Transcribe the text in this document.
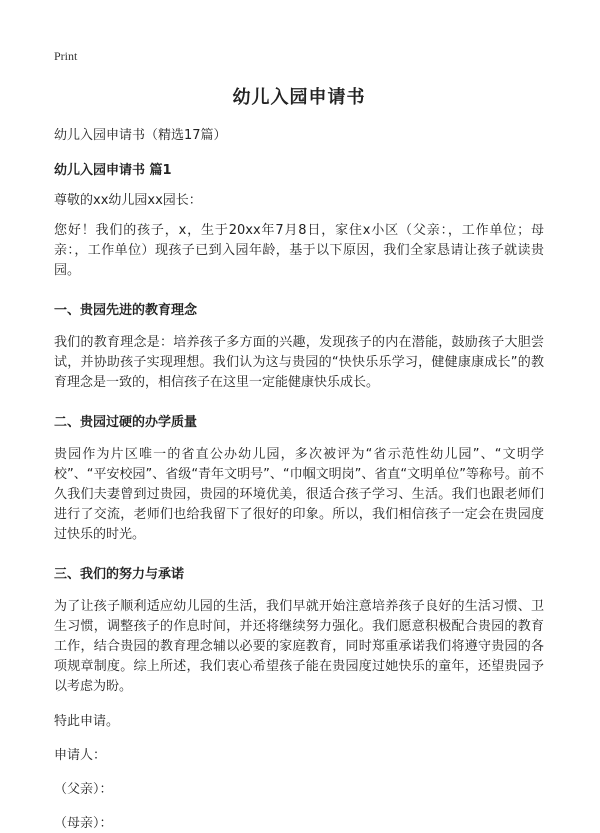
Print
幼儿入园申请书
幼儿入园申请书（精选17篇）
幼儿入园申请书 篇1
尊敬的xx幼儿园xx园长：
您好！我们的孩子，x，生于20xx年7月8日，家住x小区（父亲：，工作单位；母亲：，工作单位）现孩子已到入园年龄，基于以下原因，我们全家恳请让孩子就读贵园。
一、贵园先进的教育理念
我们的教育理念是：培养孩子多方面的兴趣，发现孩子的内在潜能，鼓励孩子大胆尝试，并协助孩子实现理想。我们认为这与贵园的“快快乐乐学习，健健康康成长”的教育理念是一致的，相信孩子在这里一定能健康快乐成长。
二、贵园过硬的办学质量
贵园作为片区唯一的省直公办幼儿园，多次被评为“省示范性幼儿园”、“文明学校”、“平安校园”、省级“青年文明号”、“巾帼文明岗”、省直“文明单位”等称号。前不久我们夫妻曾到过贵园，贵园的环境优美，很适合孩子学习、生活。我们也跟老师们进行了交流，老师们也给我留下了很好的印象。所以，我们相信孩子一定会在贵园度过快乐的时光。
三、我们的努力与承诺
为了让孩子顺利适应幼儿园的生活，我们早就开始注意培养孩子良好的生活习惯、卫生习惯，调整孩子的作息时间，并还将继续努力强化。我们愿意积极配合贵园的教育工作，结合贵园的教育理念辅以必要的家庭教育，同时郑重承诺我们将遵守贵园的各项规章制度。综上所述，我们衷心希望孩子能在贵园度过她快乐的童年，还望贵园予以考虑为盼。
特此申请。
申请人：
（父亲）：
（母亲）：
